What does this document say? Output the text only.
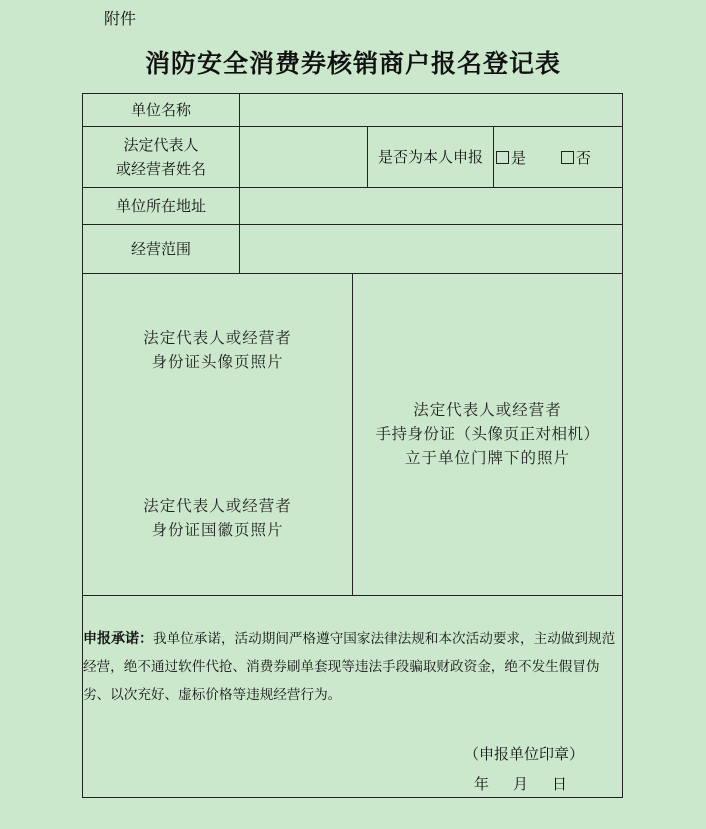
附件
消防安全消费券核销商户报名登记表
单位名称
法定代表人
或经营者姓名
是否为本人申报 是	否
单位所在地址
经营范围
法定代表人或经营者
身份证头像页照片
法定代表人或经营者
身份证国徽页照片
法定代表人或经营者
手持身份证（头像页正对相机）
立于单位门牌下的照片
申报承诺：我单位承诺，活动期间严格遵守国家法律法规和本次活动要求，主动做到规范经营，绝不通过软件代抢、消费券刷单套现等违法手段骗取财政资金，绝不发生假冒伪劣、以次充好、虚标价格等违规经营行为。
（申报单位印章）
年 月 日
